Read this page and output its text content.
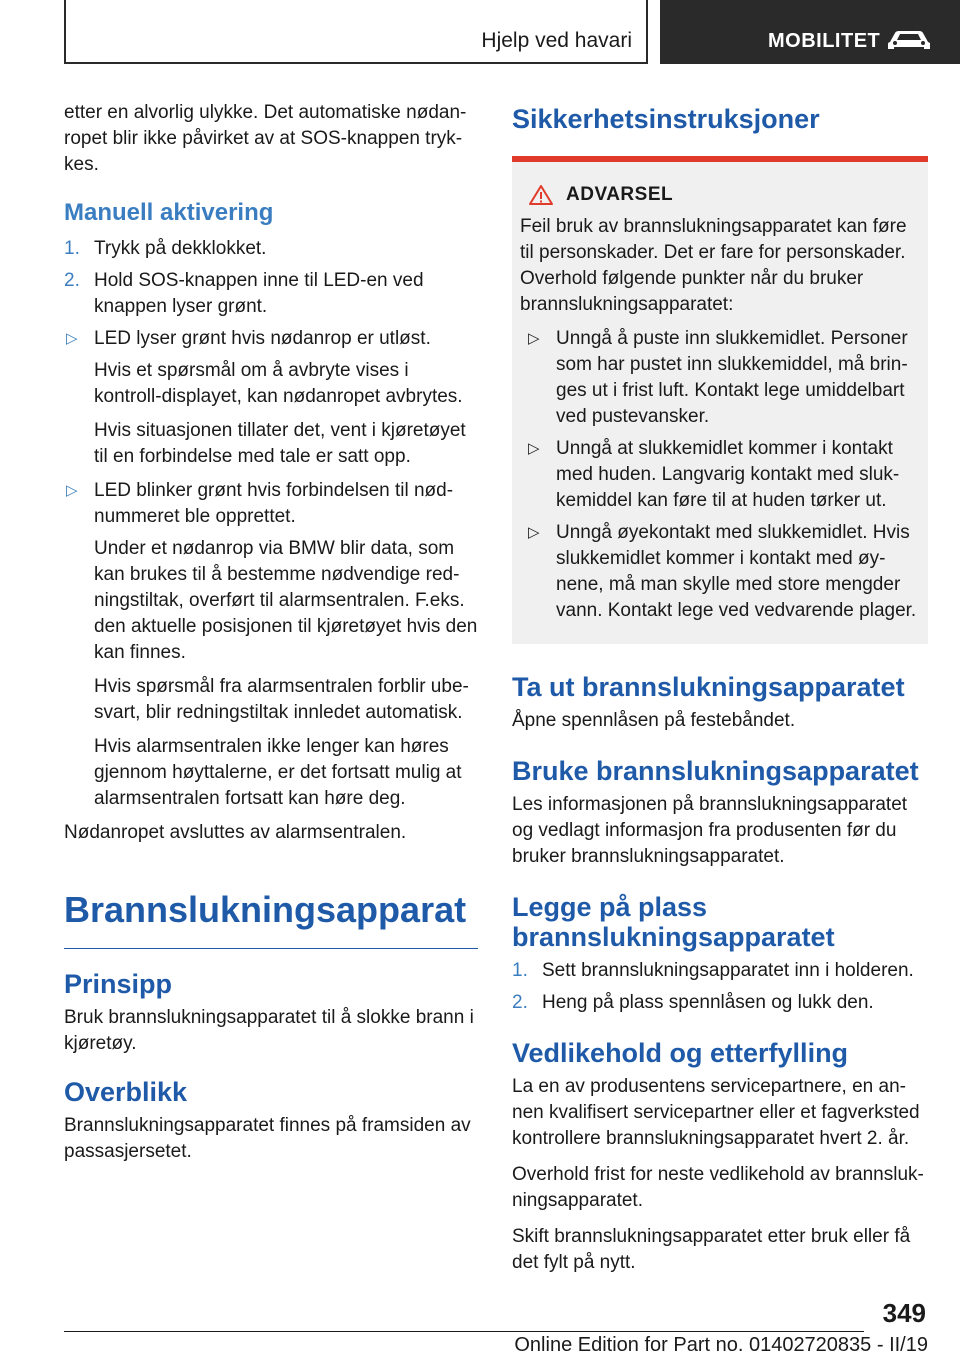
Hjelp ved havari	MOBILITET

etter en alvorlig ulykke. Det automatiske nødan-ropet blir ikke påvirket av at SOS-knappen tryk-kes.

Manuell aktivering
1. Trykk på dekklokket.
2. Hold SOS-knappen inne til LED-en ved knappen lyser grønt.
▷ LED lyser grønt hvis nødanrop er utløst.

Hvis et spørsmål om å avbryte vises i kontroll-displayet, kan nødanropet avbrytes.

Hvis situasjonen tillater det, vent i kjøretøyet til en forbindelse med tale er satt opp.

▷ LED blinker grønt hvis forbindelsen til nød-nummeret ble opprettet.

Under et nødanrop via BMW blir data, som kan brukes til å bestemme nødvendige red-ningstiltak, overført til alarmsentralen. F.eks. den aktuelle posisjonen til kjøretøyet hvis den kan finnes.

Hvis spørsmål fra alarmsentralen forblir ube-svart, blir redningstiltak innledet automatisk.

Hvis alarmsentralen ikke lenger kan høres gjennom høyttalerne, er det fortsatt mulig at alarmsentralen fortsatt kan høre deg.

Nødanropet avsluttes av alarmsentralen.

Brannslukningsapparat
Prinsipp

Bruk brannslukningsapparatet til å slokke brann i kjøretøy.

Overblikk

Brannslukningsapparatet finnes på framsiden av passasjersetet.

Sikkerhetsinstruksjoner
ADVARSEL

Feil bruk av brannslukningsapparatet kan føre til personskader. Det er fare for personskader. Overhold følgende punkter når du bruker brannslukningsapparatet:

▷ Unngå å puste inn slukkemidlet. Personer som har pustet inn slukkemiddel, må brin-ges ut i frist luft. Kontakt lege umiddelbart ved pustevansker.
▷ Unngå at slukkemidlet kommer i kontakt med huden. Langvarig kontakt med sluk-kemiddel kan føre til at huden tørker ut.
▷ Unngå øyekontakt med slukkemidlet. Hvis slukkemidlet kommer i kontakt med øy-nene, må man skylle med store mengder vann. Kontakt lege ved vedvarende plager.
Ta ut brannslukningsapparatet

Åpne spennlåsen på festebåndet.

Bruke brannslukningsapparatet

Les informasjonen på brannslukningsapparatet og vedlagt informasjon fra produsenten før du bruker brannslukningsapparatet.

Legge på plass brannslukningsapparatet
1. Sett brannslukningsapparatet inn i holderen.
2. Heng på plass spennlåsen og lukk den.
Vedlikehold og etterfylling

La en av produsentens servicepartnere, en an-nen kvalifisert servicepartner eller et fagverksted kontrollere brannslukningsapparatet hvert 2. år.

Overhold frist for neste vedlikehold av brannsluk-ningsapparatet.

Skift brannslukningsapparatet etter bruk eller få det fylt på nytt.

349
Online Edition for Part no. 01402720835 - II/19
